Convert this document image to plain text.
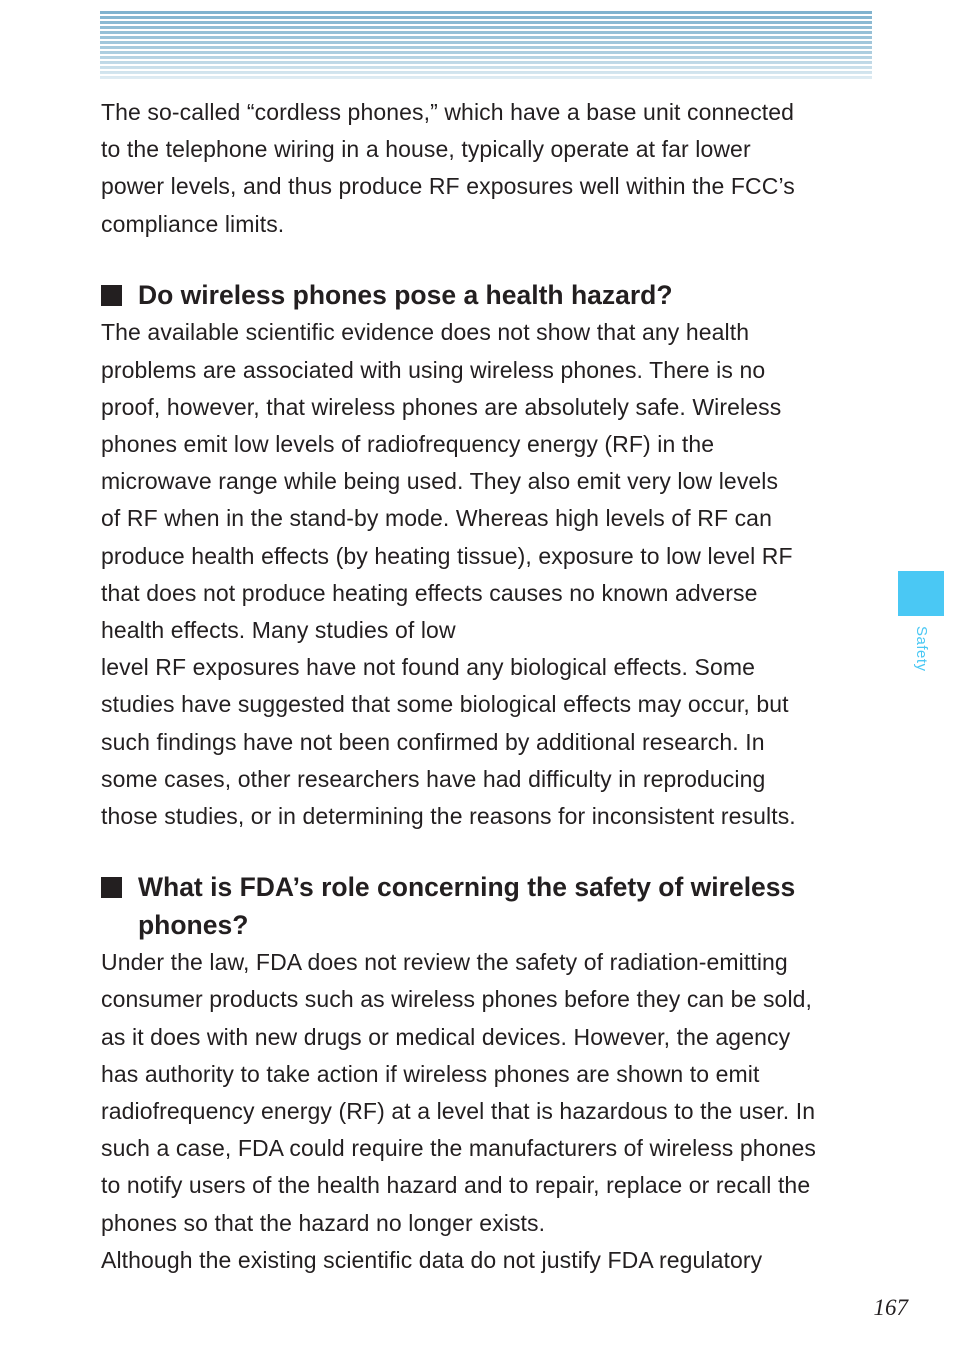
The so-called “cordless phones,” which have a base unit connected
to the telephone wiring in a house, typically operate at far lower
power levels, and thus produce RF exposures well within the FCC’s
compliance limits.

Do wireless phones pose a health hazard?

The available scientific evidence does not show that any health
problems are associated with using wireless phones. There is no
proof, however, that wireless phones are absolutely safe. Wireless
phones emit low levels of radiofrequency energy (RF) in the
microwave range while being used. They also emit very low levels
of RF when in the stand-by mode. Whereas high levels of RF can
produce health effects (by heating tissue), exposure to low level RF
that does not produce heating effects causes no known adverse
health effects. Many studies of low
level RF exposures have not found any biological effects. Some
studies have suggested that some biological effects may occur, but
such findings have not been confirmed by additional research. In
some cases, other researchers have had difficulty in reproducing
those studies, or in determining the reasons for inconsistent results.

What is FDA’s role concerning the safety of wireless
phones?

Under the law, FDA does not review the safety of radiation-emitting
consumer products such as wireless phones before they can be sold,
as it does with new drugs or medical devices. However, the agency
has authority to take action if wireless phones are shown to emit
radiofrequency energy (RF) at a level that is hazardous to the user. In
such a case, FDA could require the manufacturers of wireless phones
to notify users of the health hazard and to repair, replace or recall the
phones so that the hazard no longer exists.
Although the existing scientific data do not justify FDA regulatory

Safety
167
